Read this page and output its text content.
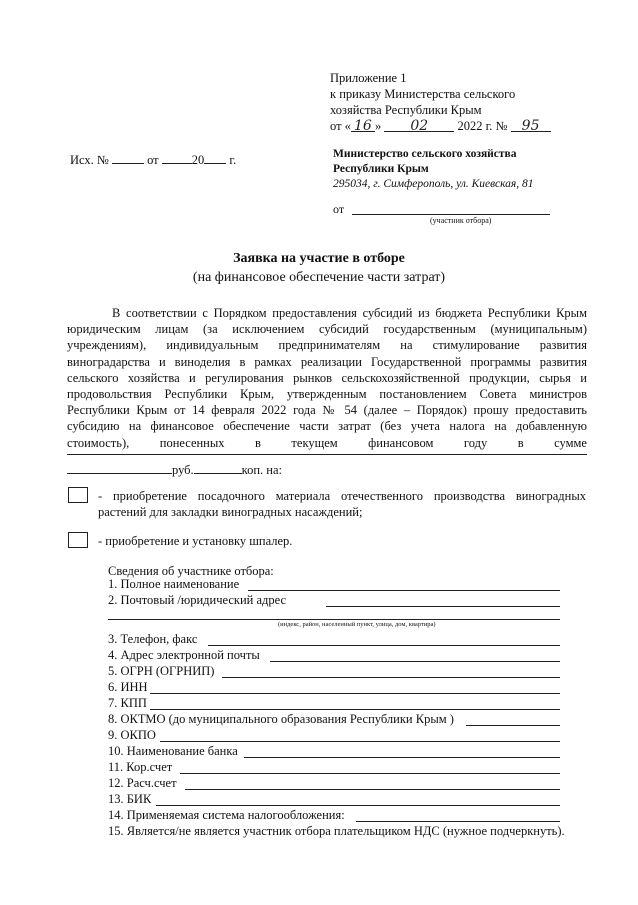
Приложение 1
к приказу Министерства сельского
хозяйства Республики Крым
от « 16 » 02 2022 г. № 95
Исх. №	от	20 г.	Министерство сельского хозяйства
Республики Крым
295034, г. Симферополь, ул. Киевская, 81
от
(участник отбора)
Заявка на участие в отборе
(на финансовое обеспечение части затрат)
В соответствии с Порядком предоставления субсидий из бюджета Республики Крым юридическим лицам (за исключением субсидий государственным (муниципальным) учреждениям), индивидуальным предпринимателям на стимулирование развития виноградарства и виноделия в рамках реализации Государственной программы развития сельского хозяйства и регулирования рынков сельскохозяйственной продукции, сырья и продовольствия Республики Крым, утвержденным постановлением Совета министров Республики Крым от 14 февраля 2022 года № 54 (далее – Порядок) прошу предоставить субсидию на финансовое обеспечение части затрат (без учета налога на добавленную стоимость), понесенных в текущем финансовом году в сумме
руб.	коп. на:
- приобретение посадочного материала отечественного производства виноградных растений для закладки виноградных насаждений;
- приобретение и установку шпалер.
Сведения об участнике отбора:
1. Полное наименование
2. Почтовый /юридический адрес
(индекс, район, населенный пункт, улица, дом, квартира)
3. Телефон, факс
4. Адрес электронной почты
5. ОГРН (ОГРНИП)
6. ИНН
7. КПП
8. ОКТМО (до муниципального образования Республики Крым )
9. ОКПО
10. Наименование банка
11. Кор.счет
12. Расч.счет
13. БИК
14. Применяемая система налогообложения:
15. Является/не является участник отбора плательщиком НДС (нужное подчеркнуть).
